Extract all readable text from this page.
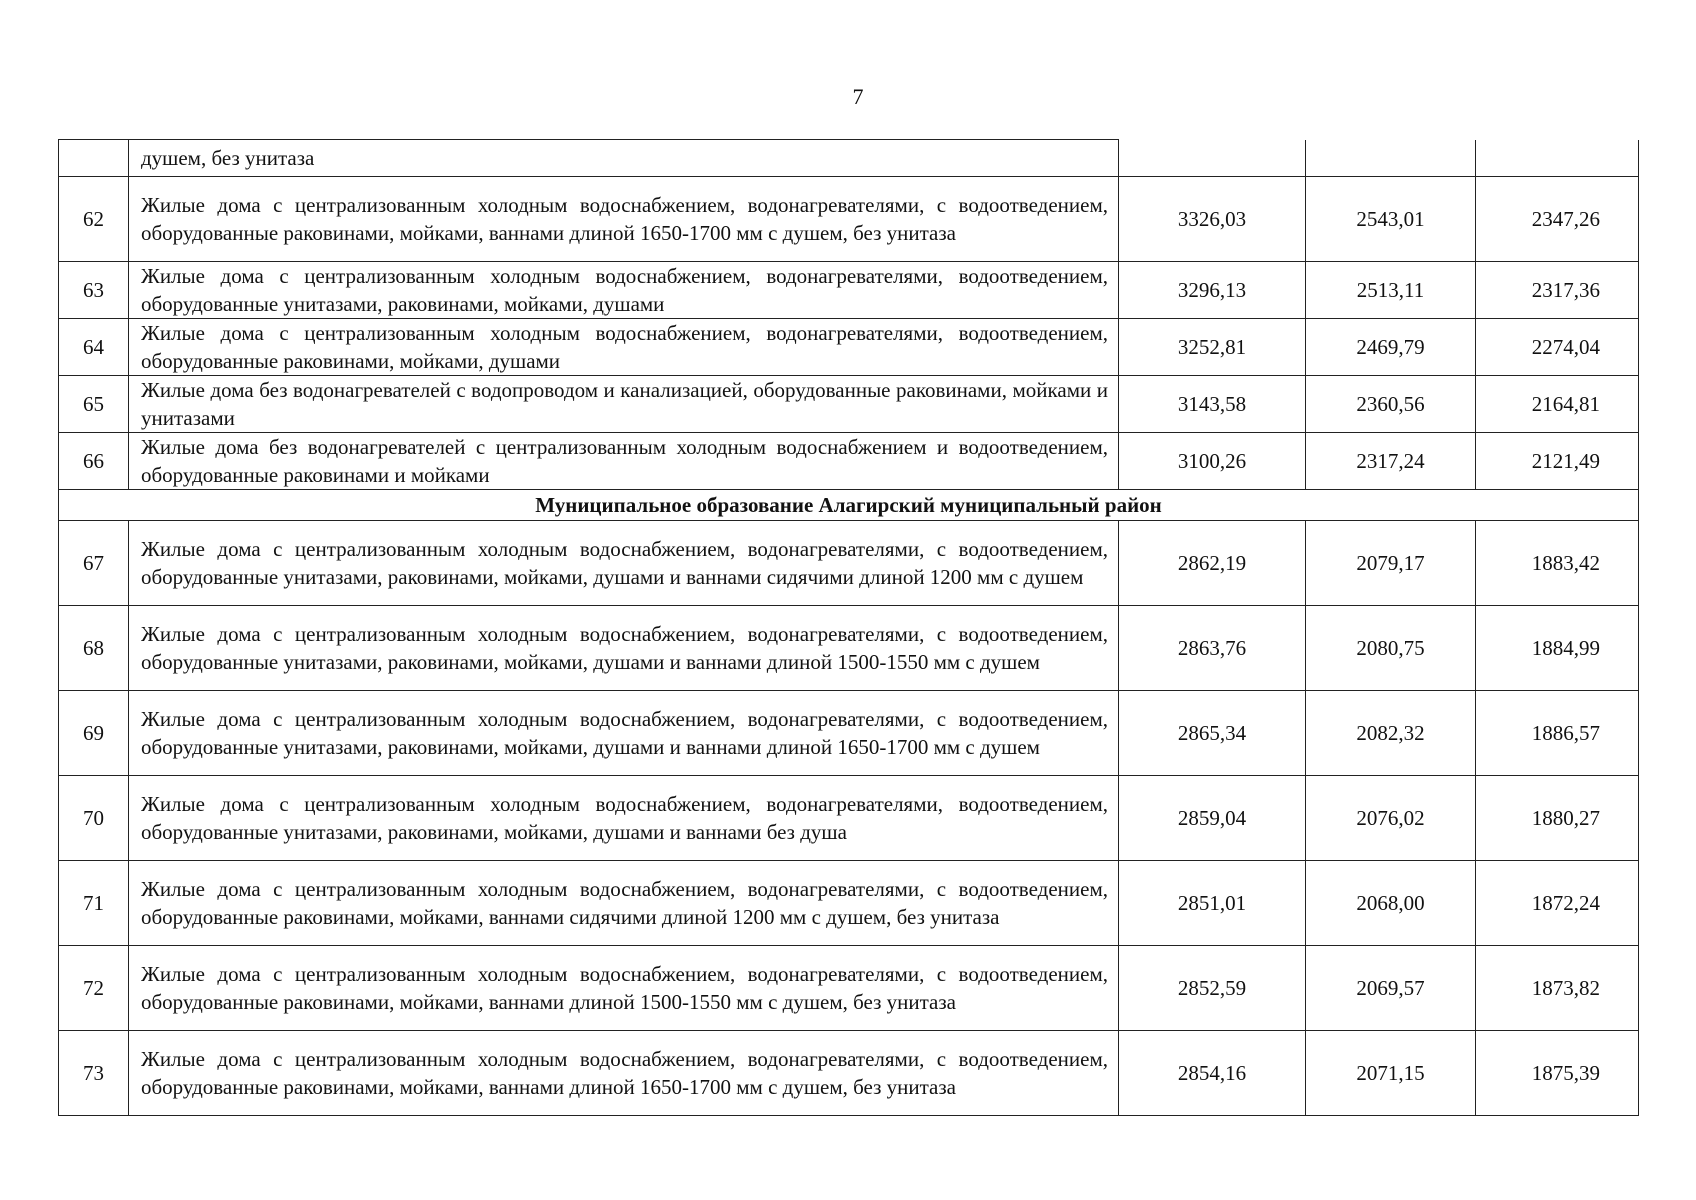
7
	душем, без унитаза			
62	Жилые дома с централизованным холодным водоснабжением, водонагревателями, с водоотведением, оборудованные раковинами, мойками, ваннами длиной 1650-1700 мм с душем, без унитаза	3326,03	2543,01	2347,26
63	Жилые дома с централизованным холодным водоснабжением, водонагревателями, водоотведением, оборудованные унитазами, раковинами, мойками, душами	3296,13	2513,11	2317,36
64	Жилые дома с централизованным холодным водоснабжением, водонагревателями, водоотведением, оборудованные раковинами, мойками, душами	3252,81	2469,79	2274,04
65	Жилые дома без водонагревателей с водопроводом и канализацией, оборудованные раковинами, мойками и унитазами	3143,58	2360,56	2164,81
66	Жилые дома без водонагревателей с централизованным холодным водоснабжением и водоотведением, оборудованные раковинами и мойками	3100,26	2317,24	2121,49
Муниципальное образование Алагирский муниципальный район				
67	Жилые дома с централизованным холодным водоснабжением, водонагревателями, с водоотведением, оборудованные унитазами, раковинами, мойками, душами и ваннами сидячими длиной 1200 мм с душем	2862,19	2079,17	1883,42
68	Жилые дома с централизованным холодным водоснабжением, водонагревателями, с водоотведением, оборудованные унитазами, раковинами, мойками, душами и ваннами длиной 1500-1550 мм с душем	2863,76	2080,75	1884,99
69	Жилые дома с централизованным холодным водоснабжением, водонагревателями, с водоотведением, оборудованные унитазами, раковинами, мойками, душами и ваннами длиной 1650-1700 мм с душем	2865,34	2082,32	1886,57
70	Жилые дома с централизованным холодным водоснабжением, водонагревателями, водоотведением, оборудованные унитазами, раковинами, мойками, душами и ваннами без душа	2859,04	2076,02	1880,27
71	Жилые дома с централизованным холодным водоснабжением, водонагревателями, с водоотведением, оборудованные раковинами, мойками, ваннами сидячими длиной 1200 мм с душем, без унитаза	2851,01	2068,00	1872,24
72	Жилые дома с централизованным холодным водоснабжением, водонагревателями, с водоотведением, оборудованные раковинами, мойками, ваннами длиной 1500-1550 мм с душем, без унитаза	2852,59	2069,57	1873,82
73	Жилые дома с централизованным холодным водоснабжением, водонагревателями, с водоотведением, оборудованные раковинами, мойками, ваннами длиной 1650-1700 мм с душем, без унитаза	2854,16	2071,15	1875,39
